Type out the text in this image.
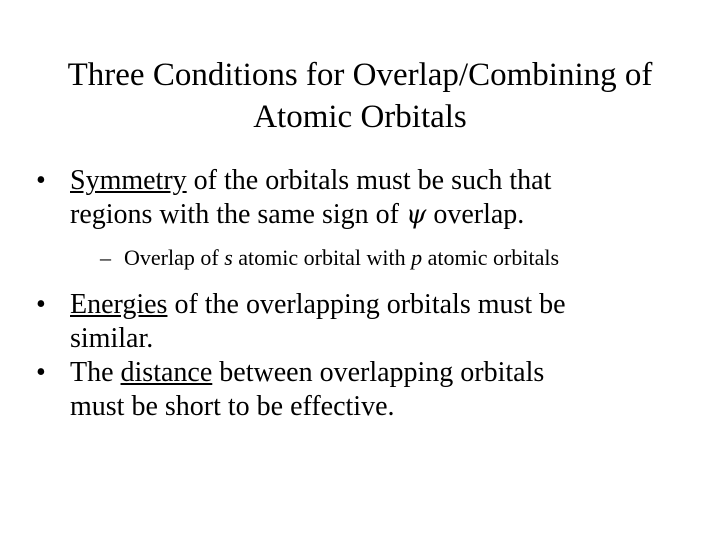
Three Conditions for Overlap/Combining of
Atomic Orbitals
• Symmetry of the orbitals must be such that
regions with the same sign of ψ overlap.
– Overlap of s atomic orbital with p atomic orbitals
• Energies of the overlapping orbitals must be
similar.
• The distance between overlapping orbitals
must be short to be effective.
